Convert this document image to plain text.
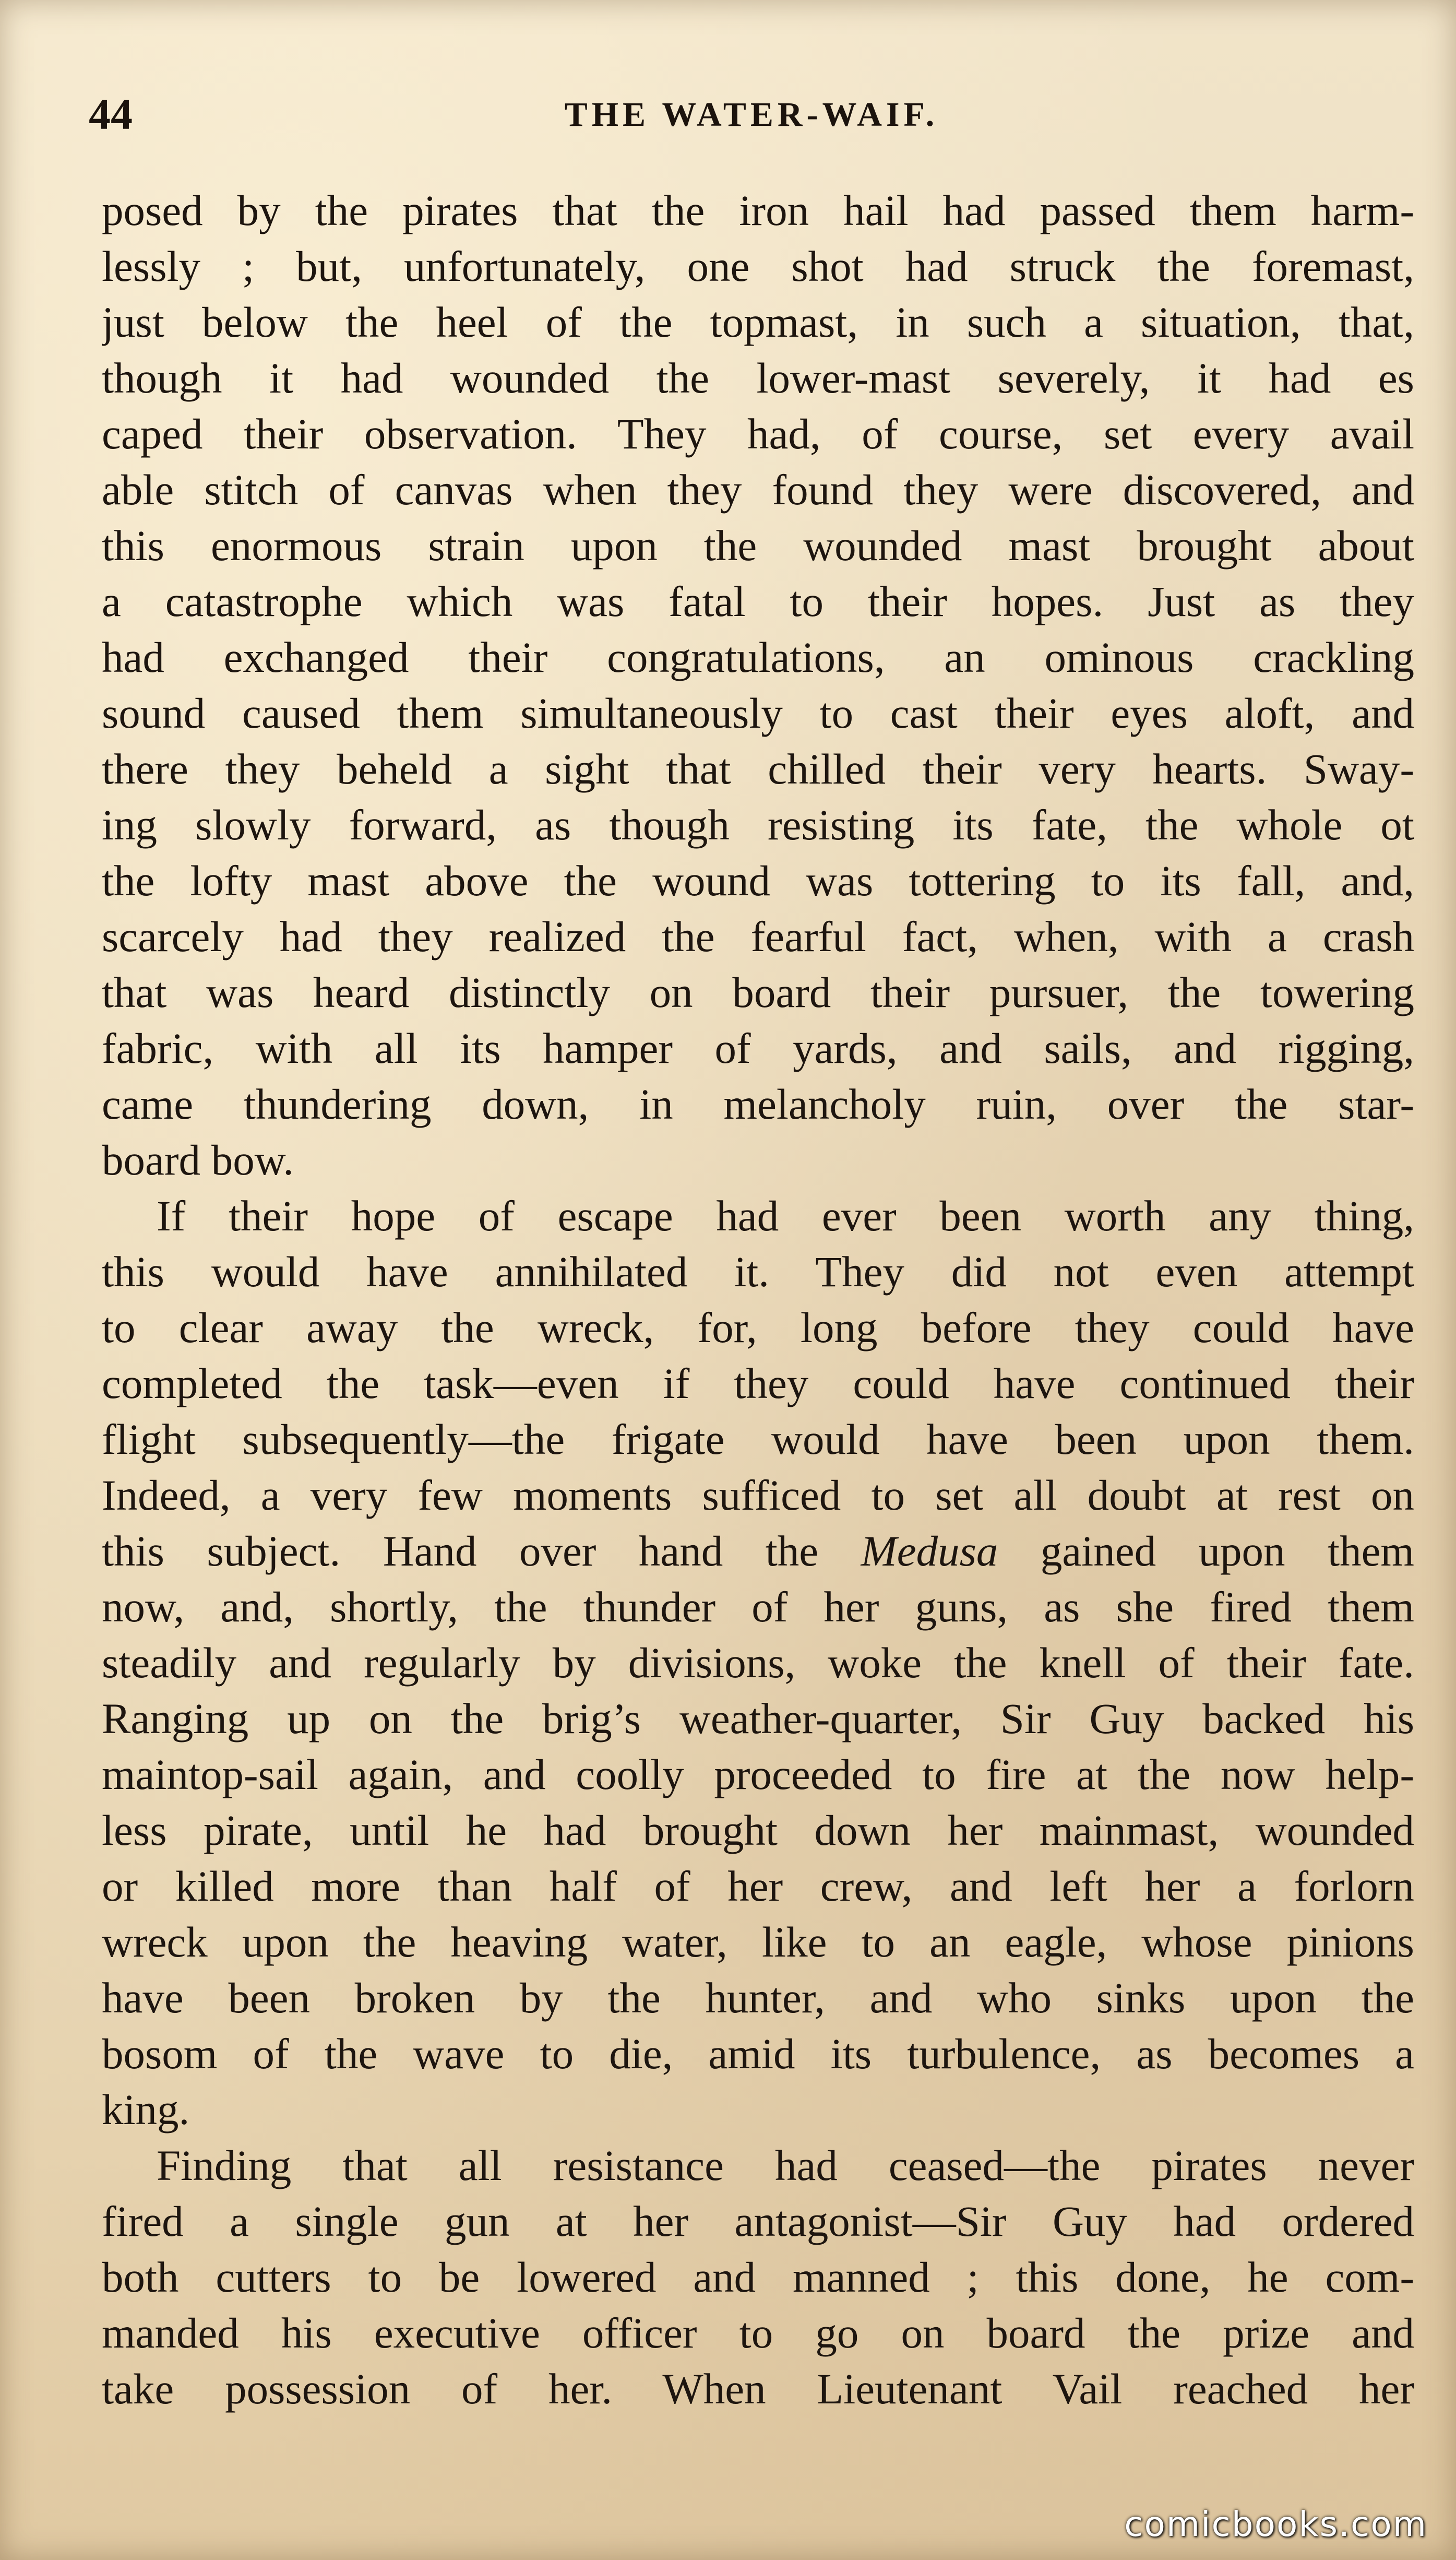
44	THE WATER-WAIF.
posed by the pirates that the iron hail had passed them harm-
lessly ; but, unfortunately, one shot had struck the foremast,
just below the heel of the topmast, in such a situation, that,
though it had wounded the lower-mast severely, it had es
caped their observation. They had, of course, set every avail
able stitch of canvas when they found they were discovered, and
this enormous strain upon the wounded mast brought about
a catastrophe which was fatal to their hopes. Just as they
had exchanged their congratulations, an ominous crackling
sound caused them simultaneously to cast their eyes aloft, and
there they beheld a sight that chilled their very hearts. Sway-
ing slowly forward, as though resisting its fate, the whole ot
the lofty mast above the wound was tottering to its fall, and,
scarcely had they realized the fearful fact, when, with a crash
that was heard distinctly on board their pursuer, the towering
fabric, with all its hamper of yards, and sails, and rigging,
came thundering down, in melancholy ruin, over the star-
board bow.
If their hope of escape had ever been worth any thing,
this would have annihilated it. They did not even attempt
to clear away the wreck, for, long before they could have
completed the task—even if they could have continued their
flight subsequently—the frigate would have been upon them.
Indeed, a very few moments sufficed to set all doubt at rest on
this subject. Hand over hand the Medusa gained upon them
now, and, shortly, the thunder of her guns, as she fired them
steadily and regularly by divisions, woke the knell of their fate.
Ranging up on the brig’s weather-quarter, Sir Guy backed his
maintop-sail again, and coolly proceeded to fire at the now help-
less pirate, until he had brought down her mainmast, wounded
or killed more than half of her crew, and left her a forlorn
wreck upon the heaving water, like to an eagle, whose pinions
have been broken by the hunter, and who sinks upon the
bosom of the wave to die, amid its turbulence, as becomes a
king.
Finding that all resistance had ceased—the pirates never
fired a single gun at her antagonist—Sir Guy had ordered
both cutters to be lowered and manned ; this done, he com-
manded his executive officer to go on board the prize and
take possession of her. When Lieutenant Vail reached her
comicbooks.com
